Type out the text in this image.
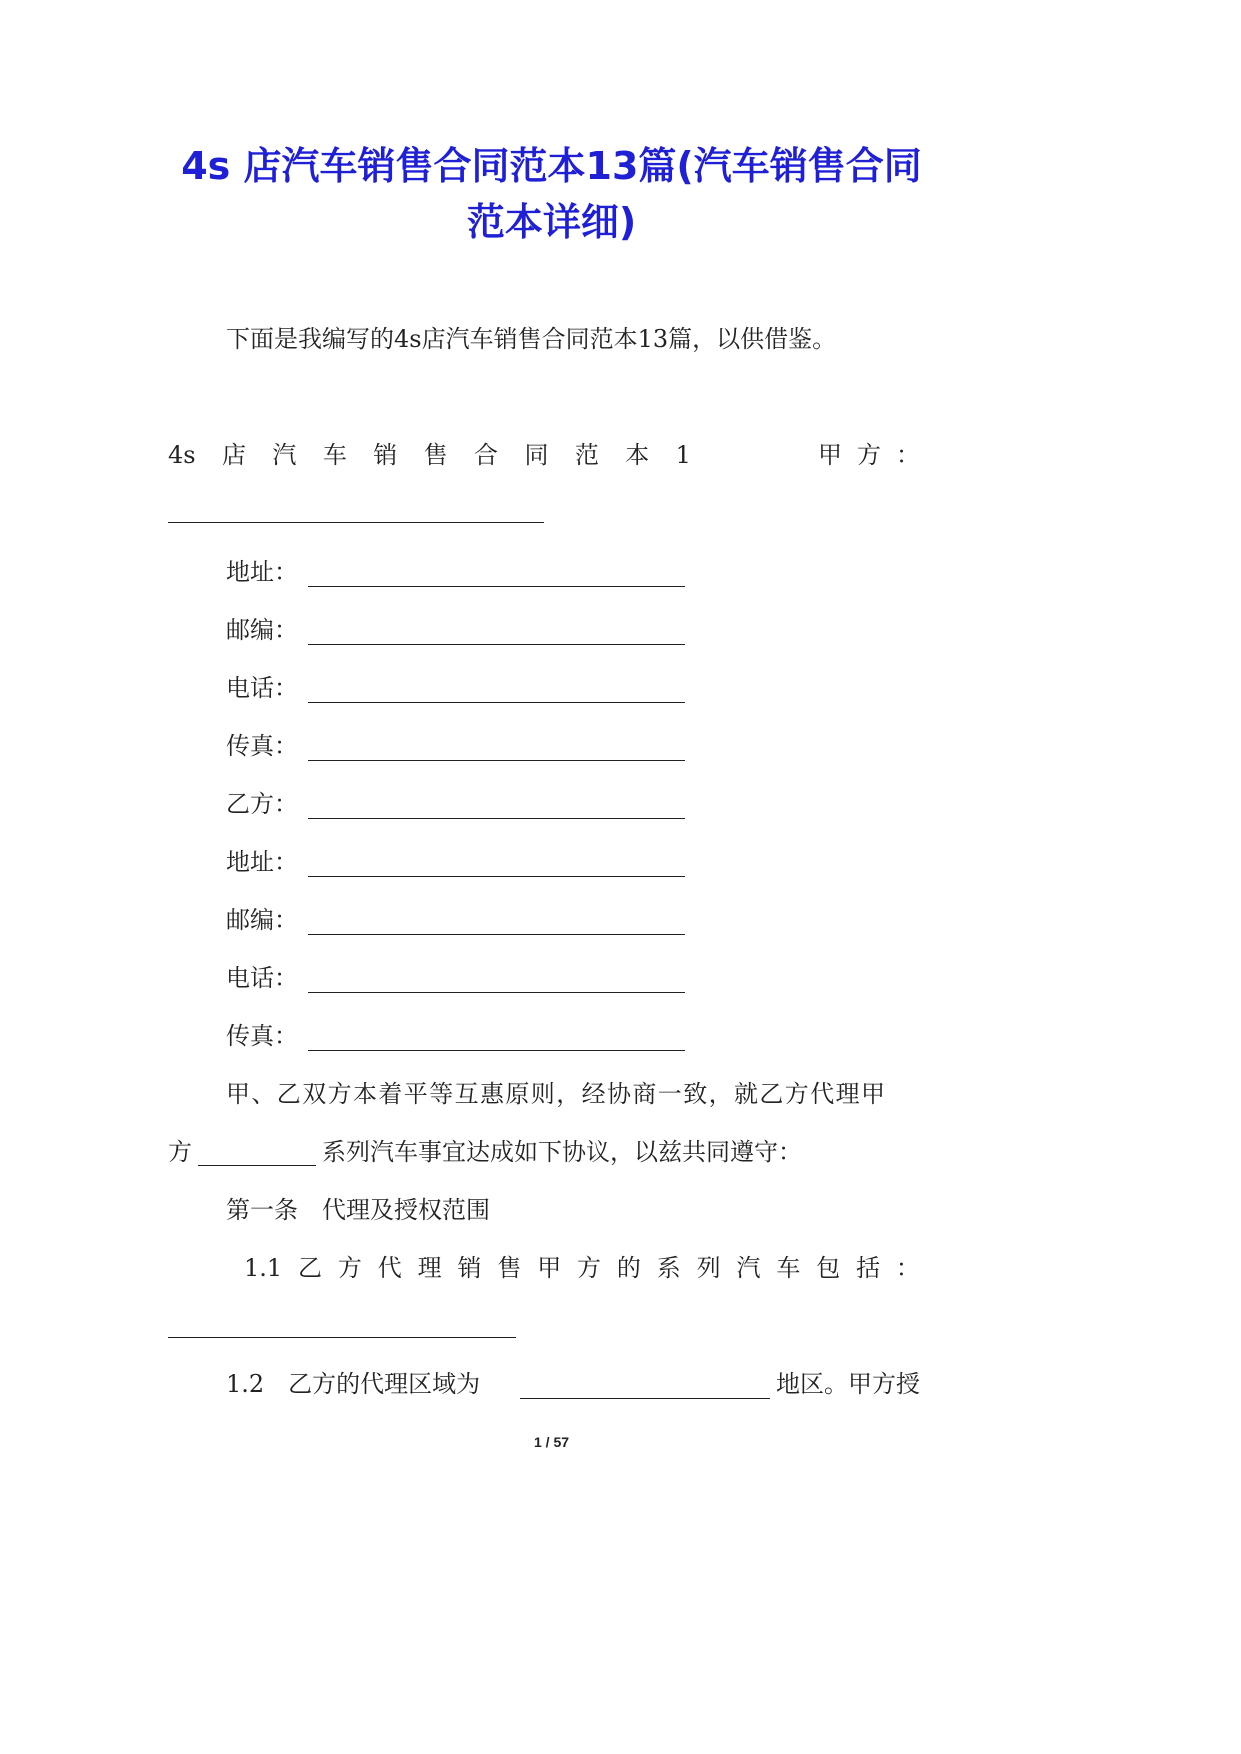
4s 店汽车销售合同范本13篇(汽车销售合同
范本详细)

下面是我编写的4s店汽车销售合同范本13篇，以供借鉴。

4s 店 汽 车 销 售 合 同 范 本 1	甲 方 ：
地址：
邮编：
电话：
传真：
乙方：
地址：
邮编：
电话：
传真：

甲、乙双方本着平等互惠原则，经协商一致，就乙方代理甲

方	系列汽车事宜达成如下协议，以兹共同遵守：

第一条　代理及授权范围

1.1 乙 方 代 理 销 售 甲 方 的 系 列 汽 车 包 括 ：
1.2　乙方的代理区域为	地区。甲方授
1 / 57
